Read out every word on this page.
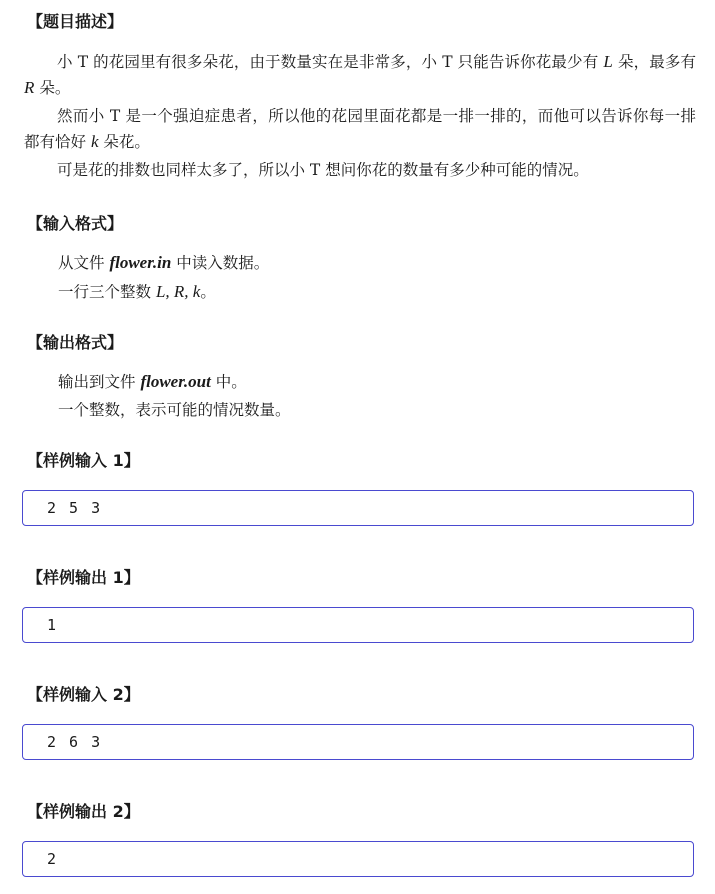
【题目描述】
小 T 的花园里有很多朵花，由于数量实在是非常多，小 T 只能告诉你花最少有 L 朵，最多有 R 朵。
然而小 T 是一个强迫症患者，所以他的花园里面花都是一排一排的，而他可以告诉你每一排都有恰好 k 朵花。
可是花的排数也同样太多了，所以小 T 想问你花的数量有多少种可能的情况。
【输入格式】
从文件 flower.in 中读入数据。
一行三个整数 L, R, k。
【输出格式】
输出到文件 flower.out 中。
一个整数，表示可能的情况数量。
【样例输入 1】
2 5 3
【样例输出 1】
1
【样例输入 2】
2 6 3
【样例输出 2】
2
